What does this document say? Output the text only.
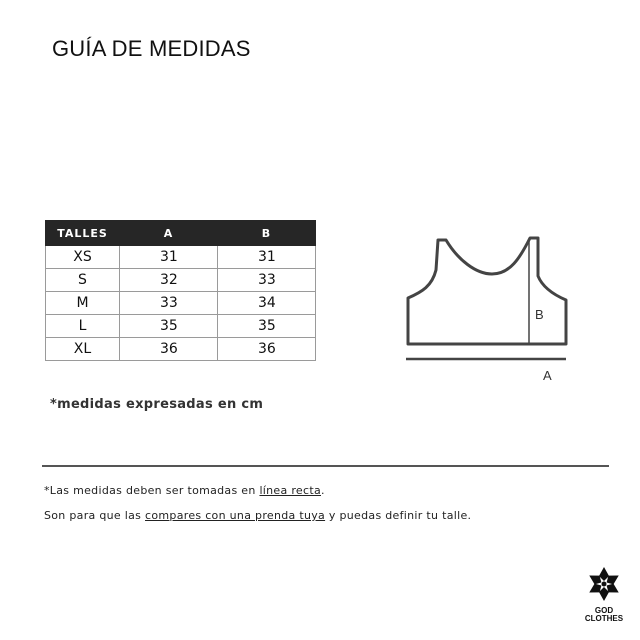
GUÍA DE MEDIDAS
TALLES	A	B
XS	31	31
S	32	33
M	33	34
L	35	35
XL	36	36
B
A
*medidas expresadas en cm
*Las medidas deben ser tomadas en línea recta.
Son para que las compares con una prenda tuya y puedas definir tu talle.
GOD
CLOTHES
